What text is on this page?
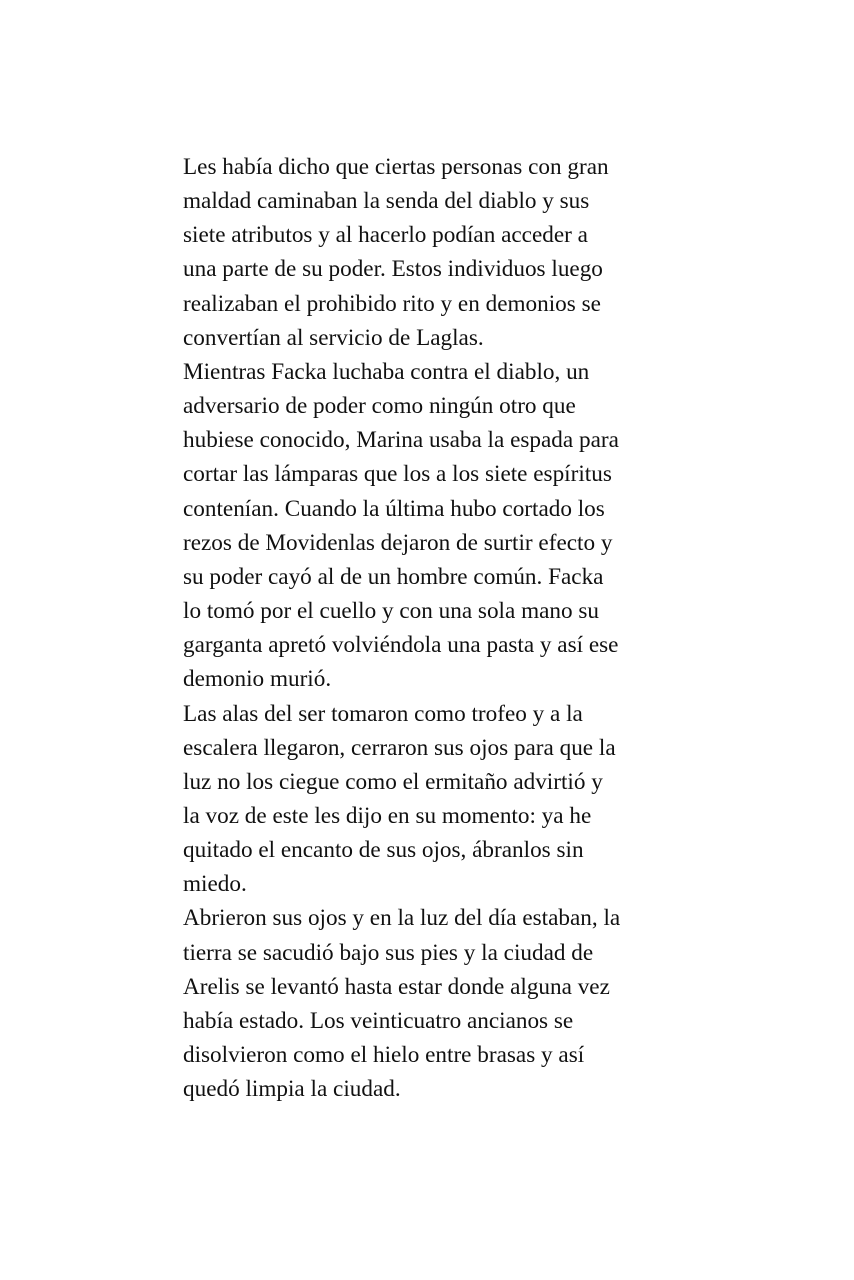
Les había dicho que ciertas personas con gran
maldad caminaban la senda del diablo y sus
siete atributos y al hacerlo podían acceder a
una parte de su poder. Estos individuos luego
realizaban el prohibido rito y en demonios se
convertían al servicio de Laglas.
Mientras Facka luchaba contra el diablo, un
adversario de poder como ningún otro que
hubiese conocido, Marina usaba la espada para
cortar las lámparas que los a los siete espíritus
contenían. Cuando la última hubo cortado los
rezos de Movidenlas dejaron de surtir efecto y
su poder cayó al de un hombre común. Facka
lo tomó por el cuello y con una sola mano su
garganta apretó volviéndola una pasta y así ese
demonio murió.
Las alas del ser tomaron como trofeo y a la
escalera llegaron, cerraron sus ojos para que la
luz no los ciegue como el ermitaño advirtió y
la voz de este les dijo en su momento: ya he
quitado el encanto de sus ojos, ábranlos sin
miedo.
Abrieron sus ojos y en la luz del día estaban, la
tierra se sacudió bajo sus pies y la ciudad de
Arelis se levantó hasta estar donde alguna vez
había estado. Los veinticuatro ancianos se
disolvieron como el hielo entre brasas y así
quedó limpia la ciudad.
